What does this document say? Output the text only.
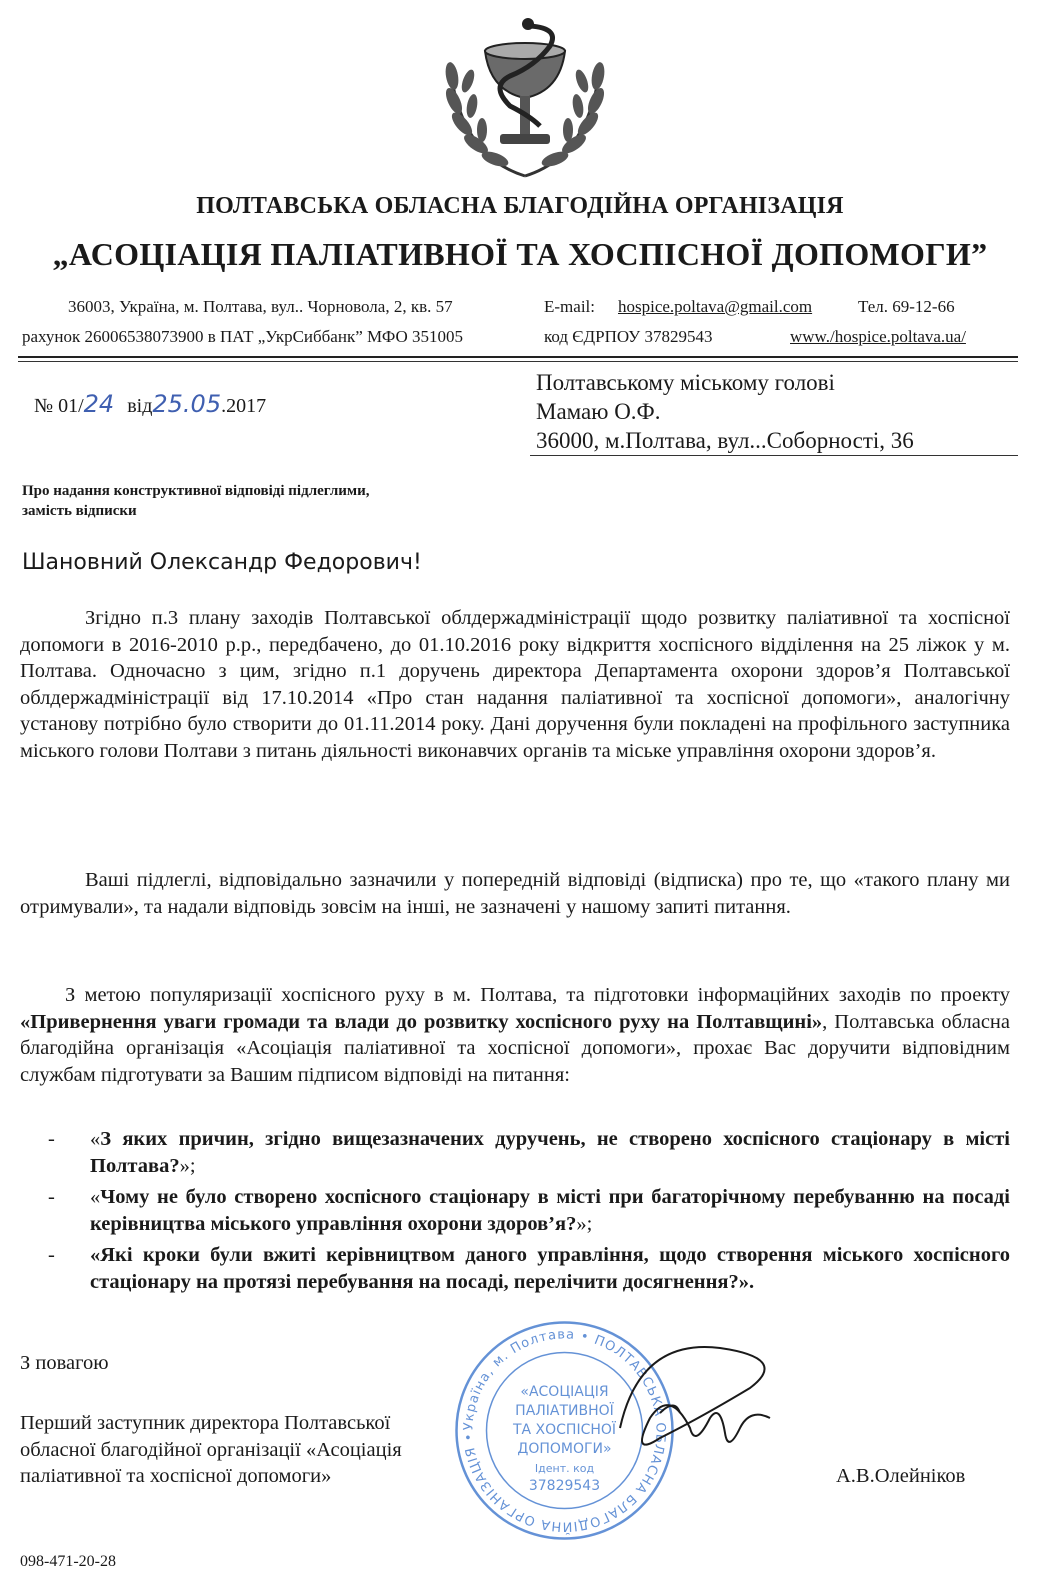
ПОЛТАВСЬКА ОБЛАСНА БЛАГОДІЙНА ОРГАНІЗАЦІЯ
„АСОЦІАЦІЯ ПАЛІАТИВНОЇ ТА ХОСПІСНОЇ ДОПОМОГИ”
36003, Україна, м. Полтава, вул.. Чорновола, 2, кв. 57	E-mail: hospice.poltava@gmail.com	Тел. 69-12-66
рахунок 26006538073900 в ПАТ „УкрСиббанк” МФО 351005	код ЄДРПОУ 37829543	www./hospice.poltava.ua/
№ 01/24 від25.05.2017
Полтавському міському голові
Мамаю О.Ф.
36000, м.Полтава, вул...Соборності, 36
Про надання конструктивної відповіді підлеглими,
замість відписки
Шановний Олександр Федорович!

Згідно п.3 плану заходів Полтавської облдержадміністрації щодо розвитку паліативної та хоспісної допомоги в 2016-2010 р.р., передбачено, до 01.10.2016 року відкриття хоспісного відділення на 25 ліжок у м. Полтава. Одночасно з цим, згідно п.1 доручень директора Департамента охорони здоров’я Полтавської облдержадміністрації від 17.10.2014 «Про стан надання паліативної та хоспісної допомоги», аналогічну установу потрібно було створити до 01.11.2014 року. Дані доручення були покладені на профільного заступника міського голови Полтави з питань діяльності виконавчих органів та міське управління охорони здоров’я.

Ваші підлеглі, відповідально зазначили у попередній відповіді (відписка) про те, що «такого плану ми отримували», та надали відповідь зовсім на інші, не зазначені у нашому запиті питання.

З метою популяризації хоспісного руху в м. Полтава, та підготовки інформаційних заходів по проекту «Привернення уваги громади та влади до розвитку хоспісного руху на Полтавщині», Полтавська обласна благодійна організація «Асоціація паліативної та хоспісної допомоги», прохає Вас доручити відповідним службам підготувати за Вашим підписом відповіді на питання:

- «З яких причин, згідно вищезазначених дуручень, не створено хоспісного стаціонару в місті Полтава?»;
- «Чому не було створено хоспісного стаціонару в місті при багаторічному перебуванню на посаді керівництва міського управління охорони здоров’я?»;
- «Які кроки були вжиті керівництвом даного управління, щодо створення міського хоспісного стаціонару на протязі перебування на посаді, перелічити досягнення?».
З повагою
Перший заступник директора Полтавської
обласної благодійної організації «Асоціація
паліативної та хоспісної допомоги»	А.В.Олейніков
Україна, м. Полтава • ПОЛТАВСЬКА ОБЛАСНА БЛАГОДІЙНА ОРГАНІЗАЦІЯ •
«АСОЦІАЦІЯ
ПАЛІАТИВНОЇ
ТА ХОСПІСНОЇ
ДОПОМОГИ»
Ідент. код
37829543
098-471-20-28
